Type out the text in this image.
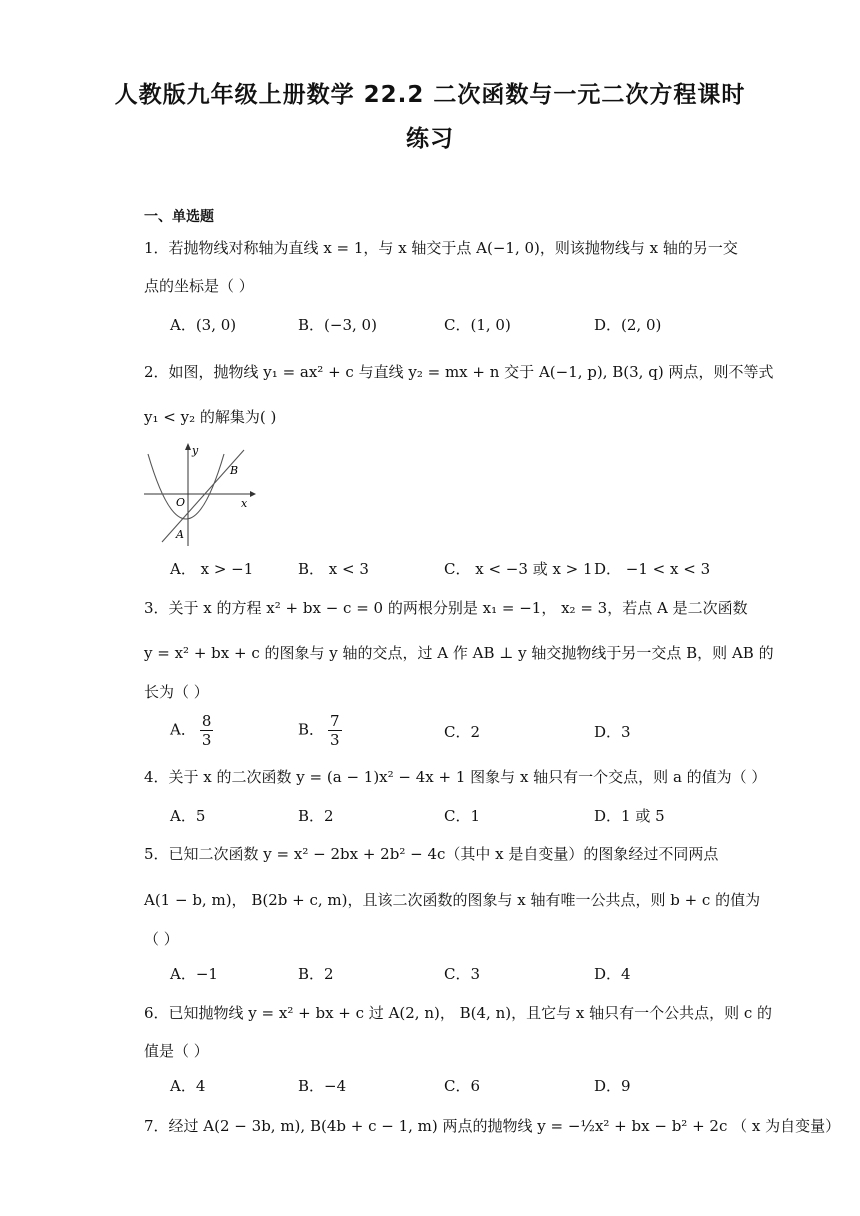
人教版九年级上册数学 22.2 二次函数与一元二次方程课时
练习
一、单选题
1．若抛物线对称轴为直线 x = 1，与 x 轴交于点 A(−1, 0)，则该抛物线与 x 轴的另一交
点的坐标是（ ）
A．(3, 0)	B．(−3, 0)	C．(1, 0)	D．(2, 0)
2．如图，抛物线 y₁ = ax² + c 与直线 y₂ = mx + n 交于 A(−1, p), B(3, q) 两点，则不等式
y₁ < y₂ 的解集为( )
y
x
O
A
B
A． x > −1	B． x < 3	C． x < −3 或 x > 1 D． −1 < x < 3
3．关于 x 的方程 x² + bx − c = 0 的两根分别是 x₁ = −1， x₂ = 3，若点 A 是二次函数
y = x² + bx + c 的图象与 y 轴的交点，过 A 作 AB ⊥ y 轴交抛物线于另一交点 B，则 AB 的
长为（ ）
A． $\frac{8}{3}$	B． $\frac{7}{3}$	C．2	D．3
4．关于 x 的二次函数 y = (a − 1)x² − 4x + 1 图象与 x 轴只有一个交点，则 a 的值为（ ）
A．5	B．2	C．1	D．1 或 5
5．已知二次函数 y = x² − 2bx + 2b² − 4c（其中 x 是自变量）的图象经过不同两点
A(1 − b, m)， B(2b + c, m)，且该二次函数的图象与 x 轴有唯一公共点，则 b + c 的值为
（ ）
A．−1	B．2	C．3	D．4
6．已知抛物线 y = x² + bx + c 过 A(2, n)， B(4, n)，且它与 x 轴只有一个公共点，则 c 的
值是（ ）
A．4	B．−4	C．6	D．9
7．经过 A(2 − 3b, m), B(4b + c − 1, m) 两点的抛物线 y = −½x² + bx − b² + 2c （ x 为自变量）
